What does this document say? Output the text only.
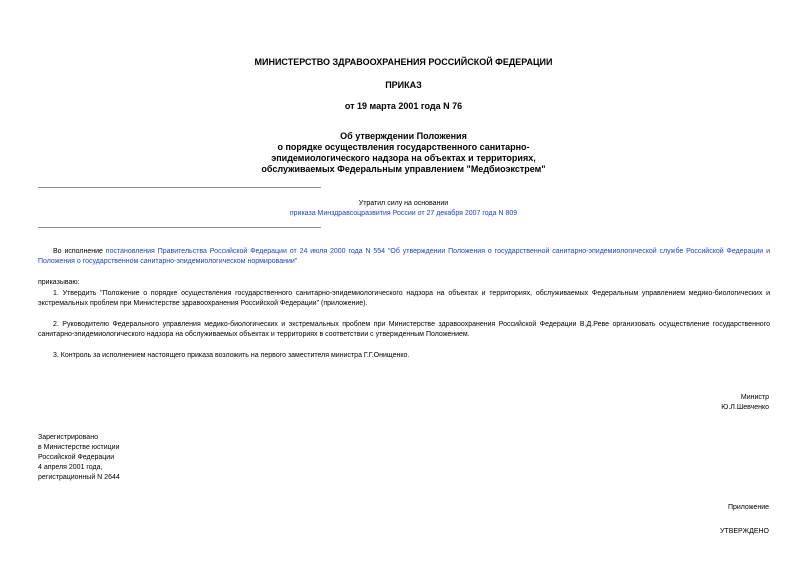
МИНИСТЕРСТВО ЗДРАВООХРАНЕНИЯ РОССИЙСКОЙ ФЕДЕРАЦИИ
ПРИКАЗ
от 19 марта 2001 года N 76
Об утверждении Положения
о порядке осуществления государственного санитарно-
эпидемиологического надзора на объектах и территориях,
обслуживаемых Федеральным управлением "Медбиоэкстрем"
Утратил силу на основании
приказа Минздравсоцразвития России от 27 декабря 2007 года N 809
Во исполнение постановления Правительства Российской Федерации от 24 июля 2000 года N 554 "Об утверждении Положения о государственной санитарно-эпидемиологической службе Российской Федерации и Положения о государственном санитарно-эпидемиологическом нормировании"
приказываю:
1. Утвердить "Положение о порядке осуществления государственного санитарно-эпидемиологического надзора на объектах и территориях, обслуживаемых Федеральным управлением медико-биологических и экстремальных проблем при Министерстве здравоохранения Российской Федерации" (приложение).
2. Руководителю Федерального управления медико-биологических и экстремальных проблем при Министерстве здравоохранения Российской Федерации В.Д.Реве организовать осуществление государственного санитарно-эпидемиологического надзора на обслуживаемых объектах и территориях в соответствии с утвержденным Положением.
3. Контроль за исполнением настоящего приказа возложить на первого заместителя министра Г.Г.Онищенко.
Министр
Ю.Л.Шевченко
Зарегистрировано
в Министерстве юстиции
Российской Федерации
4 апреля 2001 года,
регистрационный N 2644
Приложение
УТВЕРЖДЕНО
